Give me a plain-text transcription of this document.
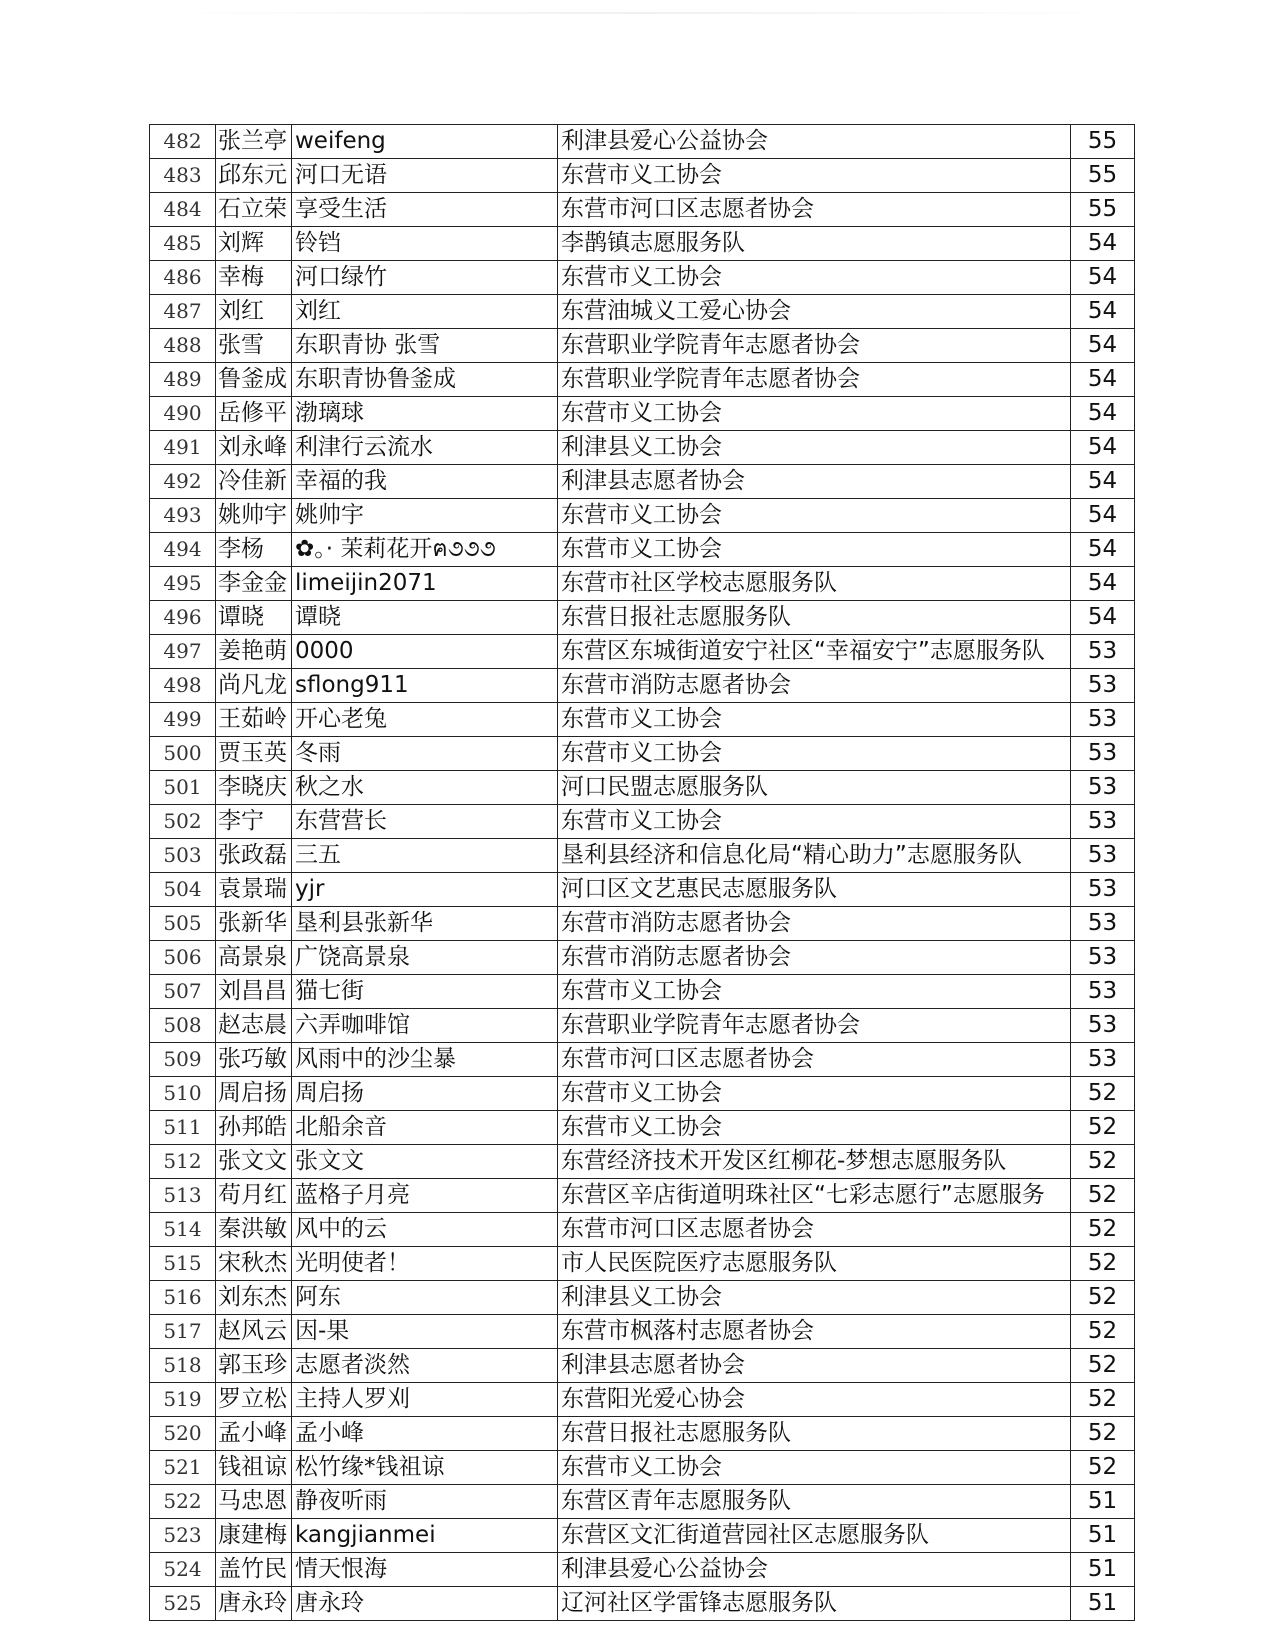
482	张兰亭	weifeng	利津县爱心公益协会	55
483	邱东元	河口无语	东营市义工协会	55
484	石立荣	享受生活	东营市河口区志愿者协会	55
485	刘辉	铃铛	李鹊镇志愿服务队	54
486	幸梅	河口绿竹	东营市义工协会	54
487	刘红	刘红	东营油城义工爱心协会	54
488	张雪	东职青协 张雪	东营职业学院青年志愿者协会	54
489	鲁釜成	东职青协鲁釜成	东营职业学院青年志愿者协会	54
490	岳修平	渤璃球	东营市义工协会	54
491	刘永峰	利津行云流水	利津县义工协会	54
492	冷佳新	幸福的我	利津县志愿者协会	54
493	姚帅宇	姚帅宇	东营市义工协会	54
494	李杨	✿。· 茉莉花开ฅ૭૭૭	东营市义工协会	54
495	李金金	limeijin2071	东营市社区学校志愿服务队	54
496	谭晓	谭晓	东营日报社志愿服务队	54
497	姜艳萌	0000	东营区东城街道安宁社区“幸福安宁”志愿服务队	53
498	尚凡龙	sflong911	东营市消防志愿者协会	53
499	王茹岭	开心老兔	东营市义工协会	53
500	贾玉英	冬雨	东营市义工协会	53
501	李晓庆	秋之水	河口民盟志愿服务队	53
502	李宁	东营营长	东营市义工协会	53
503	张政磊	三五	垦利县经济和信息化局“精心助力”志愿服务队	53
504	袁景瑞	yjr	河口区文艺惠民志愿服务队	53
505	张新华	垦利县张新华	东营市消防志愿者协会	53
506	高景泉	广饶高景泉	东营市消防志愿者协会	53
507	刘昌昌	猫七街	东营市义工协会	53
508	赵志晨	六弄咖啡馆	东营职业学院青年志愿者协会	53
509	张巧敏	风雨中的沙尘暴	东营市河口区志愿者协会	53
510	周启扬	周启扬	东营市义工协会	52
511	孙邦皓	北船余音	东营市义工协会	52
512	张文文	张文文	东营经济技术开发区红柳花-梦想志愿服务队	52
513	苟月红	蓝格子月亮	东营区辛店街道明珠社区“七彩志愿行”志愿服务	52
514	秦洪敏	风中的云	东营市河口区志愿者协会	52
515	宋秋杰	光明使者！	市人民医院医疗志愿服务队	52
516	刘东杰	阿东	利津县义工协会	52
517	赵风云	因-果	东营市枫落村志愿者协会	52
518	郭玉珍	志愿者淡然	利津县志愿者协会	52
519	罗立松	主持人罗刈	东营阳光爱心协会	52
520	孟小峰	孟小峰	东营日报社志愿服务队	52
521	钱祖谅	松竹缘*钱祖谅	东营市义工协会	52
522	马忠恩	静夜听雨	东营区青年志愿服务队	51
523	康建梅	kangjianmei	东营区文汇街道营园社区志愿服务队	51
524	盖竹民	情天恨海	利津县爱心公益协会	51
525	唐永玲	唐永玲	辽河社区学雷锋志愿服务队	51
